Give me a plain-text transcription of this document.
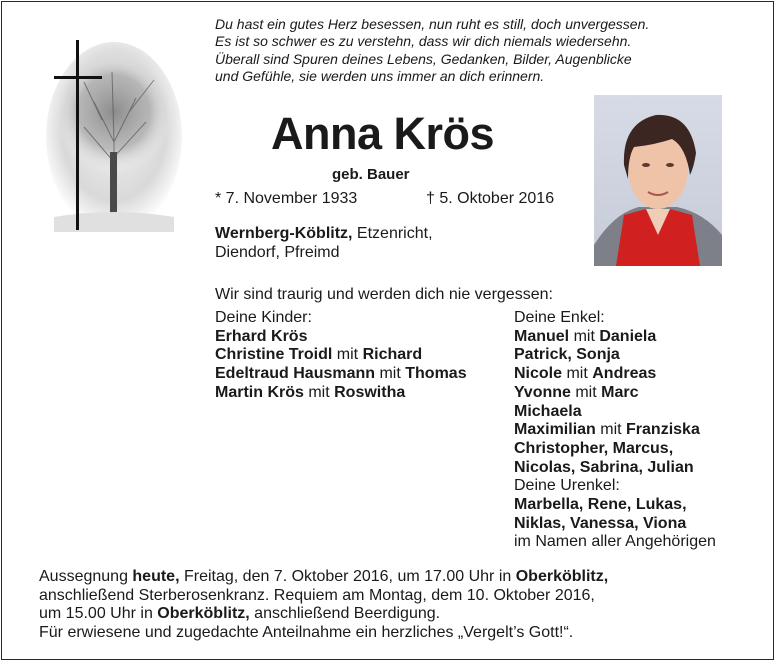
Du hast ein gutes Herz besessen, nun ruht es still, doch unvergessen.
Es ist so schwer es zu verstehn, dass wir dich niemals wiedersehn.
Überall sind Spuren deines Lebens, Gedanken, Bilder, Augenblicke
und Gefühle, sie werden uns immer an dich erinnern.
Anna Krös
geb. Bauer
* 7. November 1933	† 5. Oktober 2016
Wernberg-Köblitz, Etzenricht,
Diendorf, Pfreimd
Wir sind traurig und werden dich nie vergessen:
Deine Kinder:
Erhard Krös
Christine Troidl mit Richard
Edeltraud Hausmann mit Thomas
Martin Krös mit Roswitha
Deine Enkel:
Manuel mit Daniela
Patrick, Sonja
Nicole mit Andreas
Yvonne mit Marc
Michaela
Maximilian mit Franziska
Christopher, Marcus,
Nicolas, Sabrina, Julian
Deine Urenkel:
Marbella, Rene, Lukas,
Niklas, Vanessa, Viona
im Namen aller Angehörigen
Aussegnung heute, Freitag, den 7. Oktober 2016, um 17.00 Uhr in Oberköblitz,
anschließend Sterberosenkranz. Requiem am Montag, dem 10. Oktober 2016,
um 15.00 Uhr in Oberköblitz, anschließend Beerdigung.
Für erwiesene und zugedachte Anteilnahme ein herzliches „Vergelt’s Gott!“.
